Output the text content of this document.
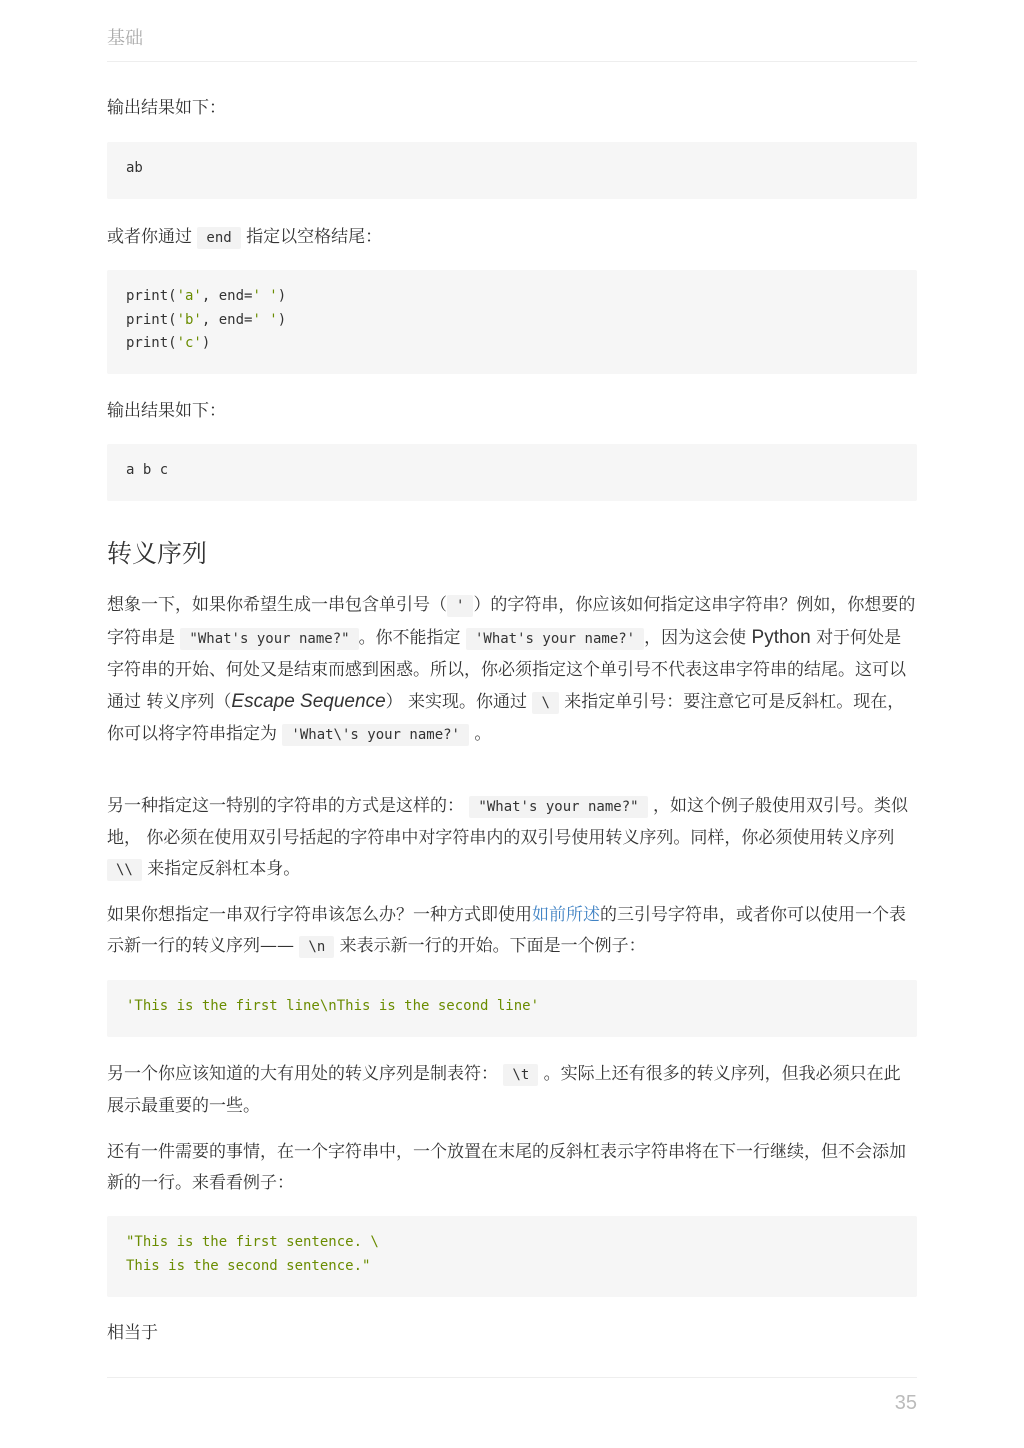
基础

输出结果如下：

ab

或者你通过 end 指定以空格结尾：

print('a', end=' ')
print('b', end=' ')
print('c')

输出结果如下：

a b c
转义序列

想象一下，如果你希望生成一串包含单引号（ ' ）的字符串，你应该如何指定这串字符串？例如，你想要的字符串是 "What's your name?" 。你不能指定 'What's your name?' ，因为这会使 Python 对于何处是字符串的开始、何处又是结束而感到困惑。所以，你必须指定这个单引号不代表这串字符串的结尾。这可以通过 转义序列（Escape Sequence） 来实现。你通过 \ 来指定单引号：要注意它可是反斜杠。现在，你可以将字符串指定为 'What\'s your name?' 。

另一种指定这一特别的字符串的方式是这样的： "What's your name?" ，如这个例子般使用双引号。类似地， 你必须在使用双引号括起的字符串中对字符串内的双引号使用转义序列。同样，你必须使用转义序列 \\ 来指定反斜杠本身。

如果你想指定一串双行字符串该怎么办？一种方式即使用如前所述的三引号字符串，或者你可以使用一个表示新一行的转义序列—— \n 来表示新一行的开始。下面是一个例子：

'This is the first line\nThis is the second line'

另一个你应该知道的大有用处的转义序列是制表符： \t 。实际上还有很多的转义序列，但我必须只在此展示最重要的一些。

还有一件需要的事情，在一个字符串中，一个放置在末尾的反斜杠表示字符串将在下一行继续，但不会添加新的一行。来看看例子：

"This is the first sentence. \
This is the second sentence."

相当于

35
